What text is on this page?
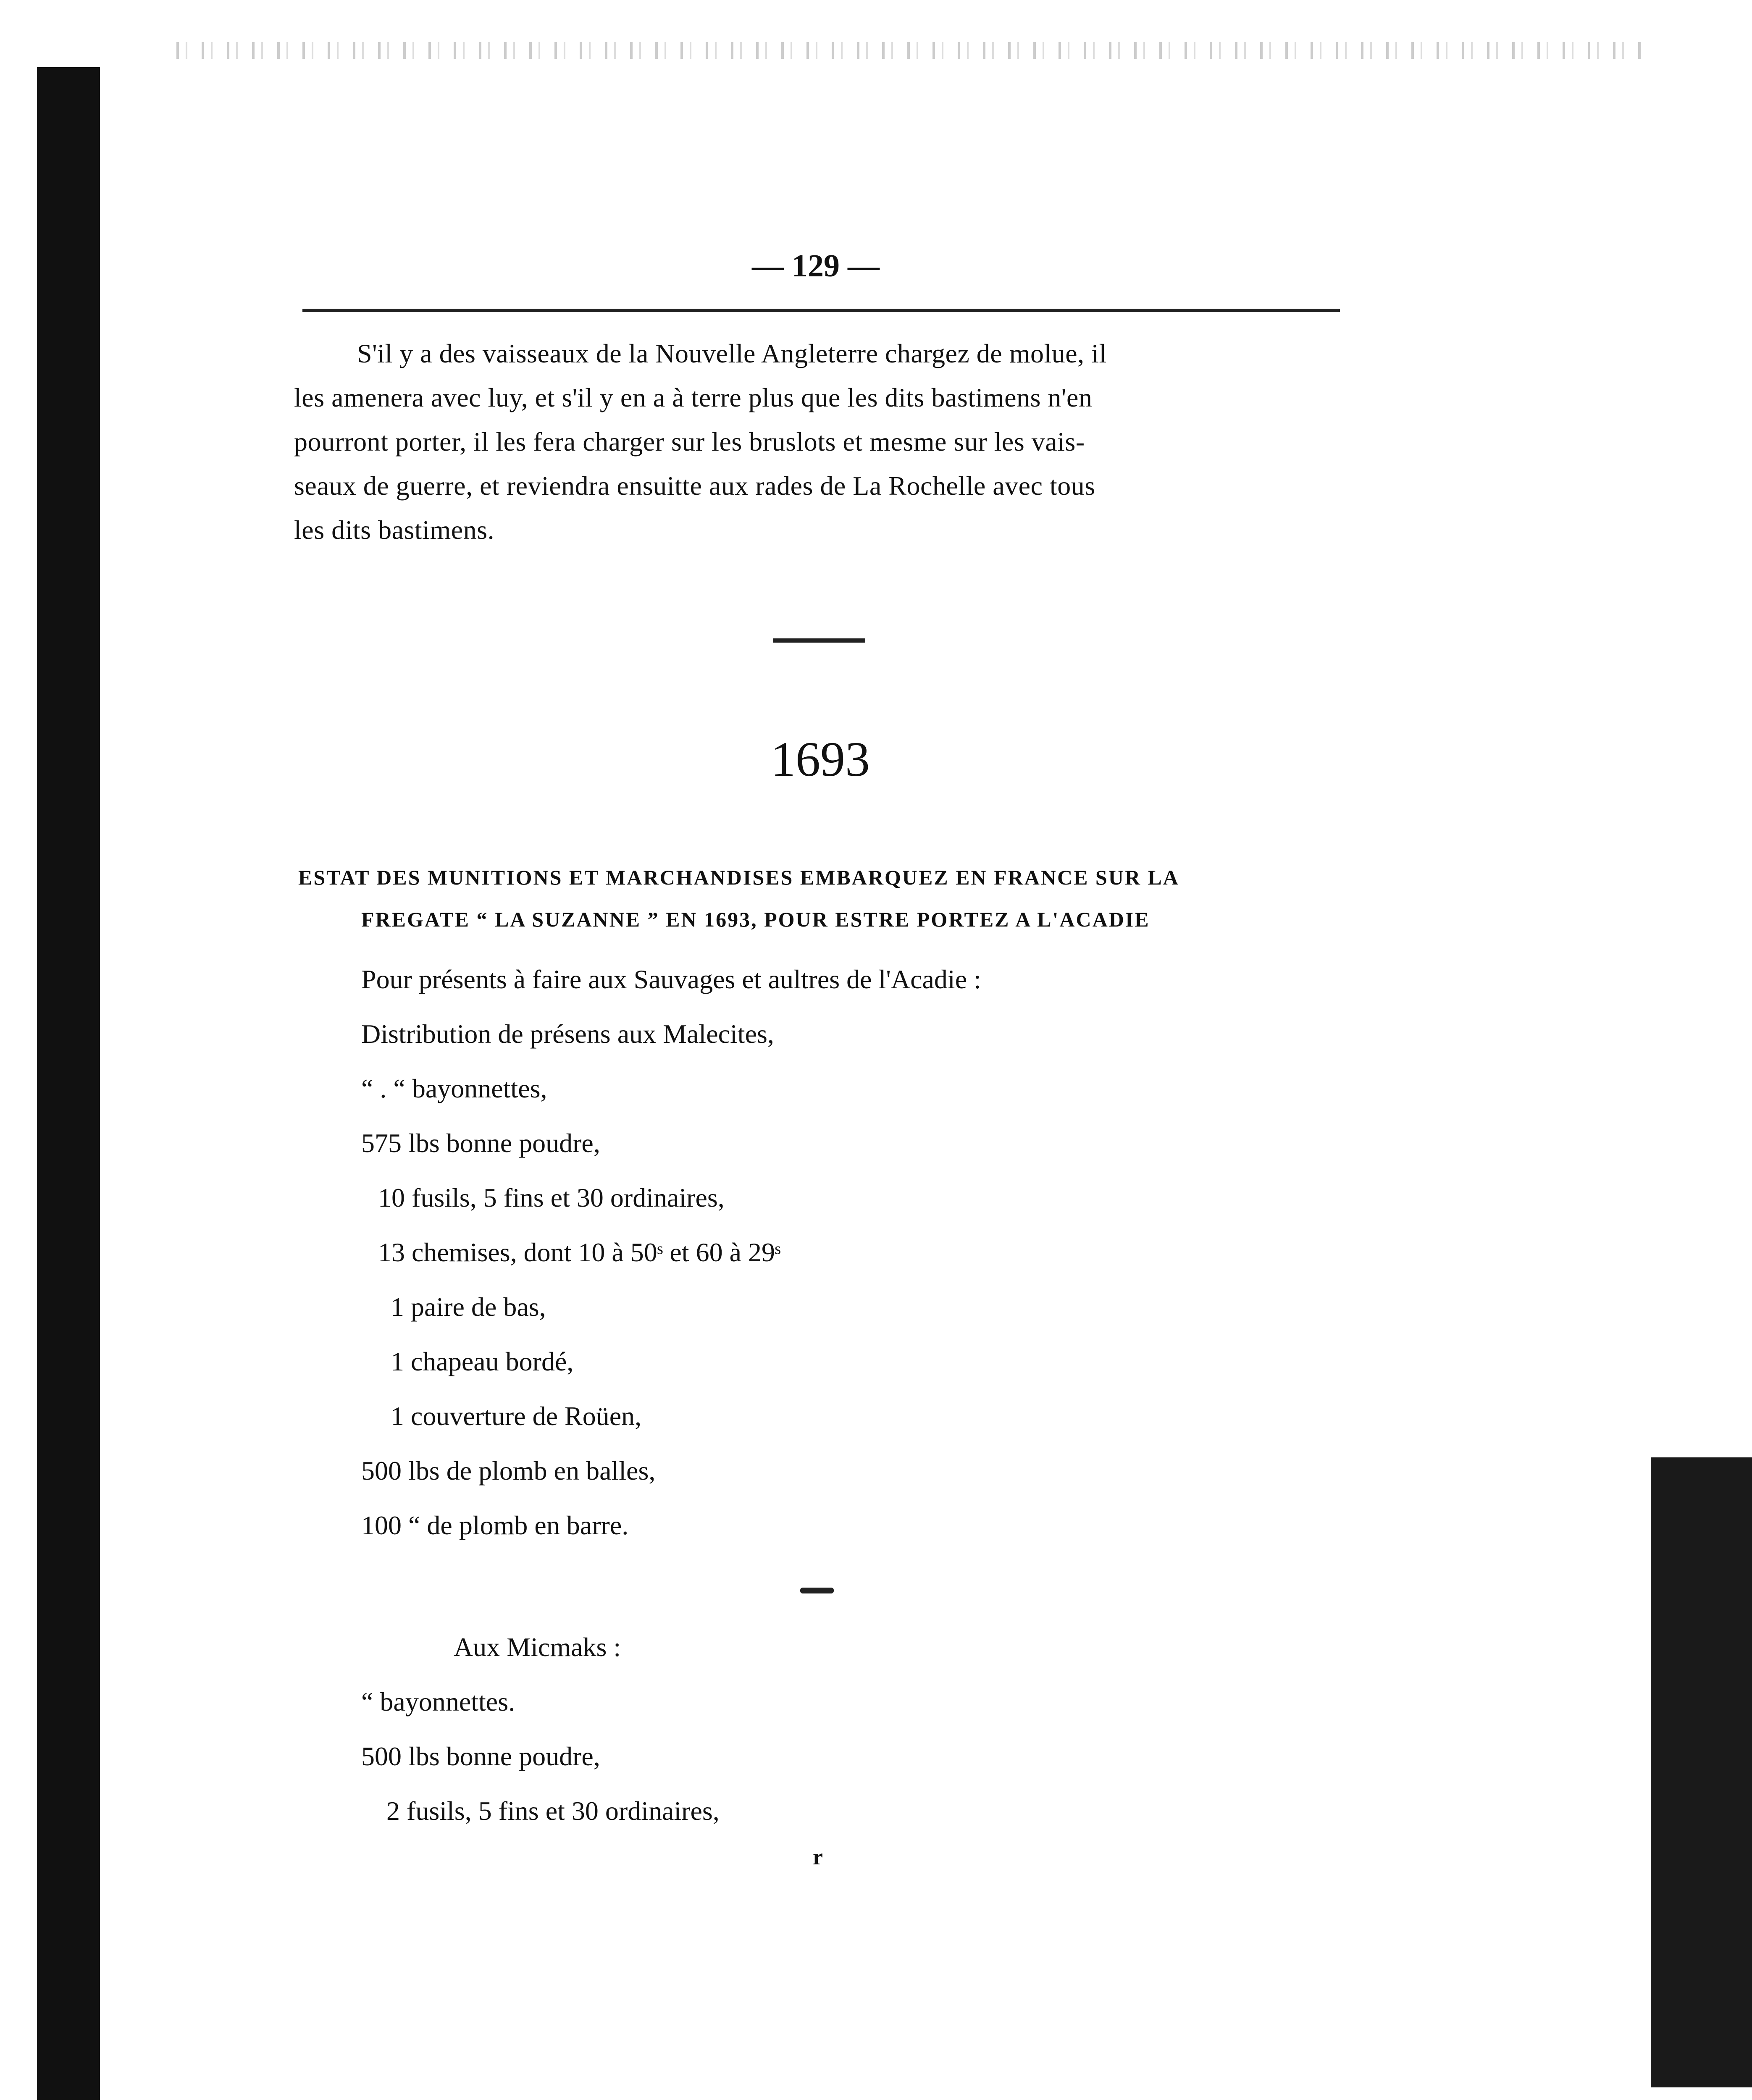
— 129 —
S'il y a des vaisseaux de la Nouvelle Angleterre chargez de molue, il
les amenera avec luy, et s'il y en a à terre plus que les dits bastimens n'en
pourront porter, il les fera charger sur les bruslots et mesme sur les vais-
seaux de guerre, et reviendra ensuitte aux rades de La Rochelle avec tous
les dits bastimens.
1693
ESTAT DES MUNITIONS ET MARCHANDISES EMBARQUEZ EN FRANCE SUR LA
FREGATE “ LA SUZANNE ” EN 1693, POUR ESTRE PORTEZ A L'ACADIE
Pour présents à faire aux Sauvages et aultres de l'Acadie :
Distribution de présens aux Malecites,
“ . “ bayonnettes,
575 lbs bonne poudre,
10 fusils, 5 fins et 30 ordinaires,
13 chemises, dont 10 à 50ˢ et 60 à 29ˢ
1 paire de bas,
1 chapeau bordé,
1 couverture de Roüen,
500 lbs de plomb en balles,
100 “ de plomb en barre.
Aux Micmaks :
“ bayonnettes.
500 lbs bonne poudre,
2 fusils, 5 fins et 30 ordinaires,
r
